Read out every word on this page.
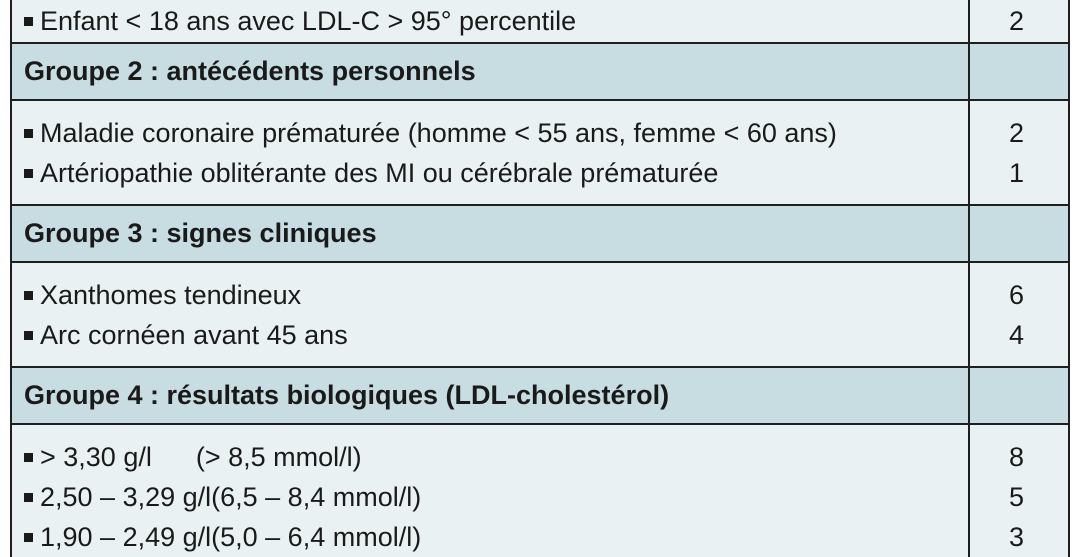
Enfant < 18 ans avec LDL-C > 95° percentile	2
Groupe 2 : antécédents personnels
Maladie coronaire prématurée (homme < 55 ans, femme < 60 ans)
Artériopathie oblitérante des MI ou cérébrale prématurée
2
1
Groupe 3 : signes cliniques
Xanthomes tendineux
Arc cornéen avant 45 ans
6
4
Groupe 4 : résultats biologiques (LDL-cholestérol)
> 3,30 g/l (> 8,5 mmol/l)
2,50 – 3,29 g/l (6,5 – 8,4 mmol/l)
1,90 – 2,49 g/l (5,0 – 6,4 mmol/l)
8
5
3
